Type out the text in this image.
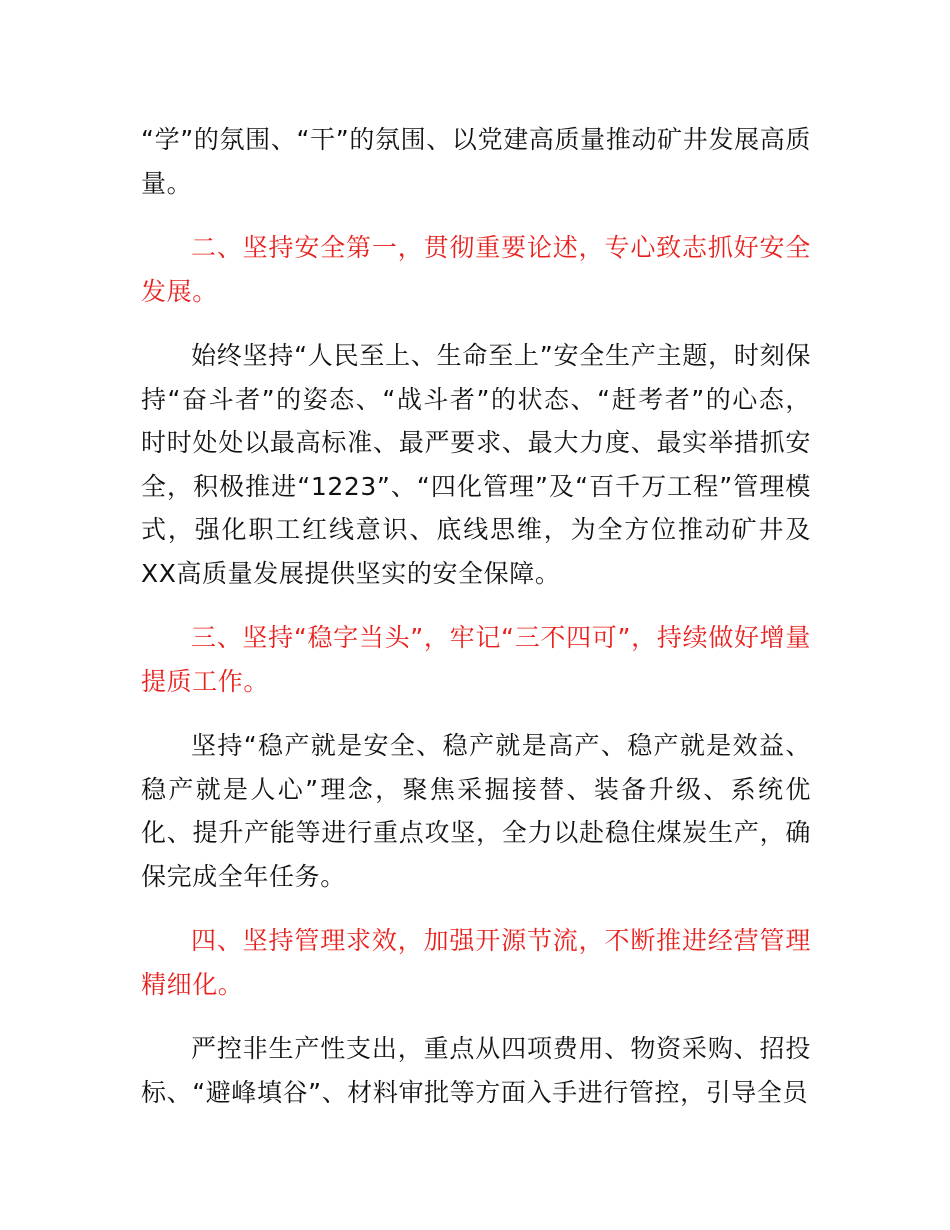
“学”的氛围、“干”的氛围、以党建高质量推动矿井发展高质量。

二、坚持安全第一，贯彻重要论述，专心致志抓好安全发展。

始终坚持“人民至上、生命至上”安全生产主题，时刻保持“奋斗者”的姿态、“战斗者”的状态、“赶考者”的心态，时时处处以最高标准、最严要求、最大力度、最实举措抓安全，积极推进“1223”、“四化管理”及“百千万工程”管理模式，强化职工红线意识、底线思维，为全方位推动矿井及XX高质量发展提供坚实的安全保障。

三、坚持“稳字当头”，牢记“三不四可”，持续做好增量提质工作。

坚持“稳产就是安全、稳产就是高产、稳产就是效益、稳产就是人心”理念，聚焦采掘接替、装备升级、系统优化、提升产能等进行重点攻坚，全力以赴稳住煤炭生产，确保完成全年任务。

四、坚持管理求效，加强开源节流，不断推进经营管理精细化。

严控非生产性支出，重点从四项费用、物资采购、招投标、“避峰填谷”、材料审批等方面入手进行管控，引导全员
